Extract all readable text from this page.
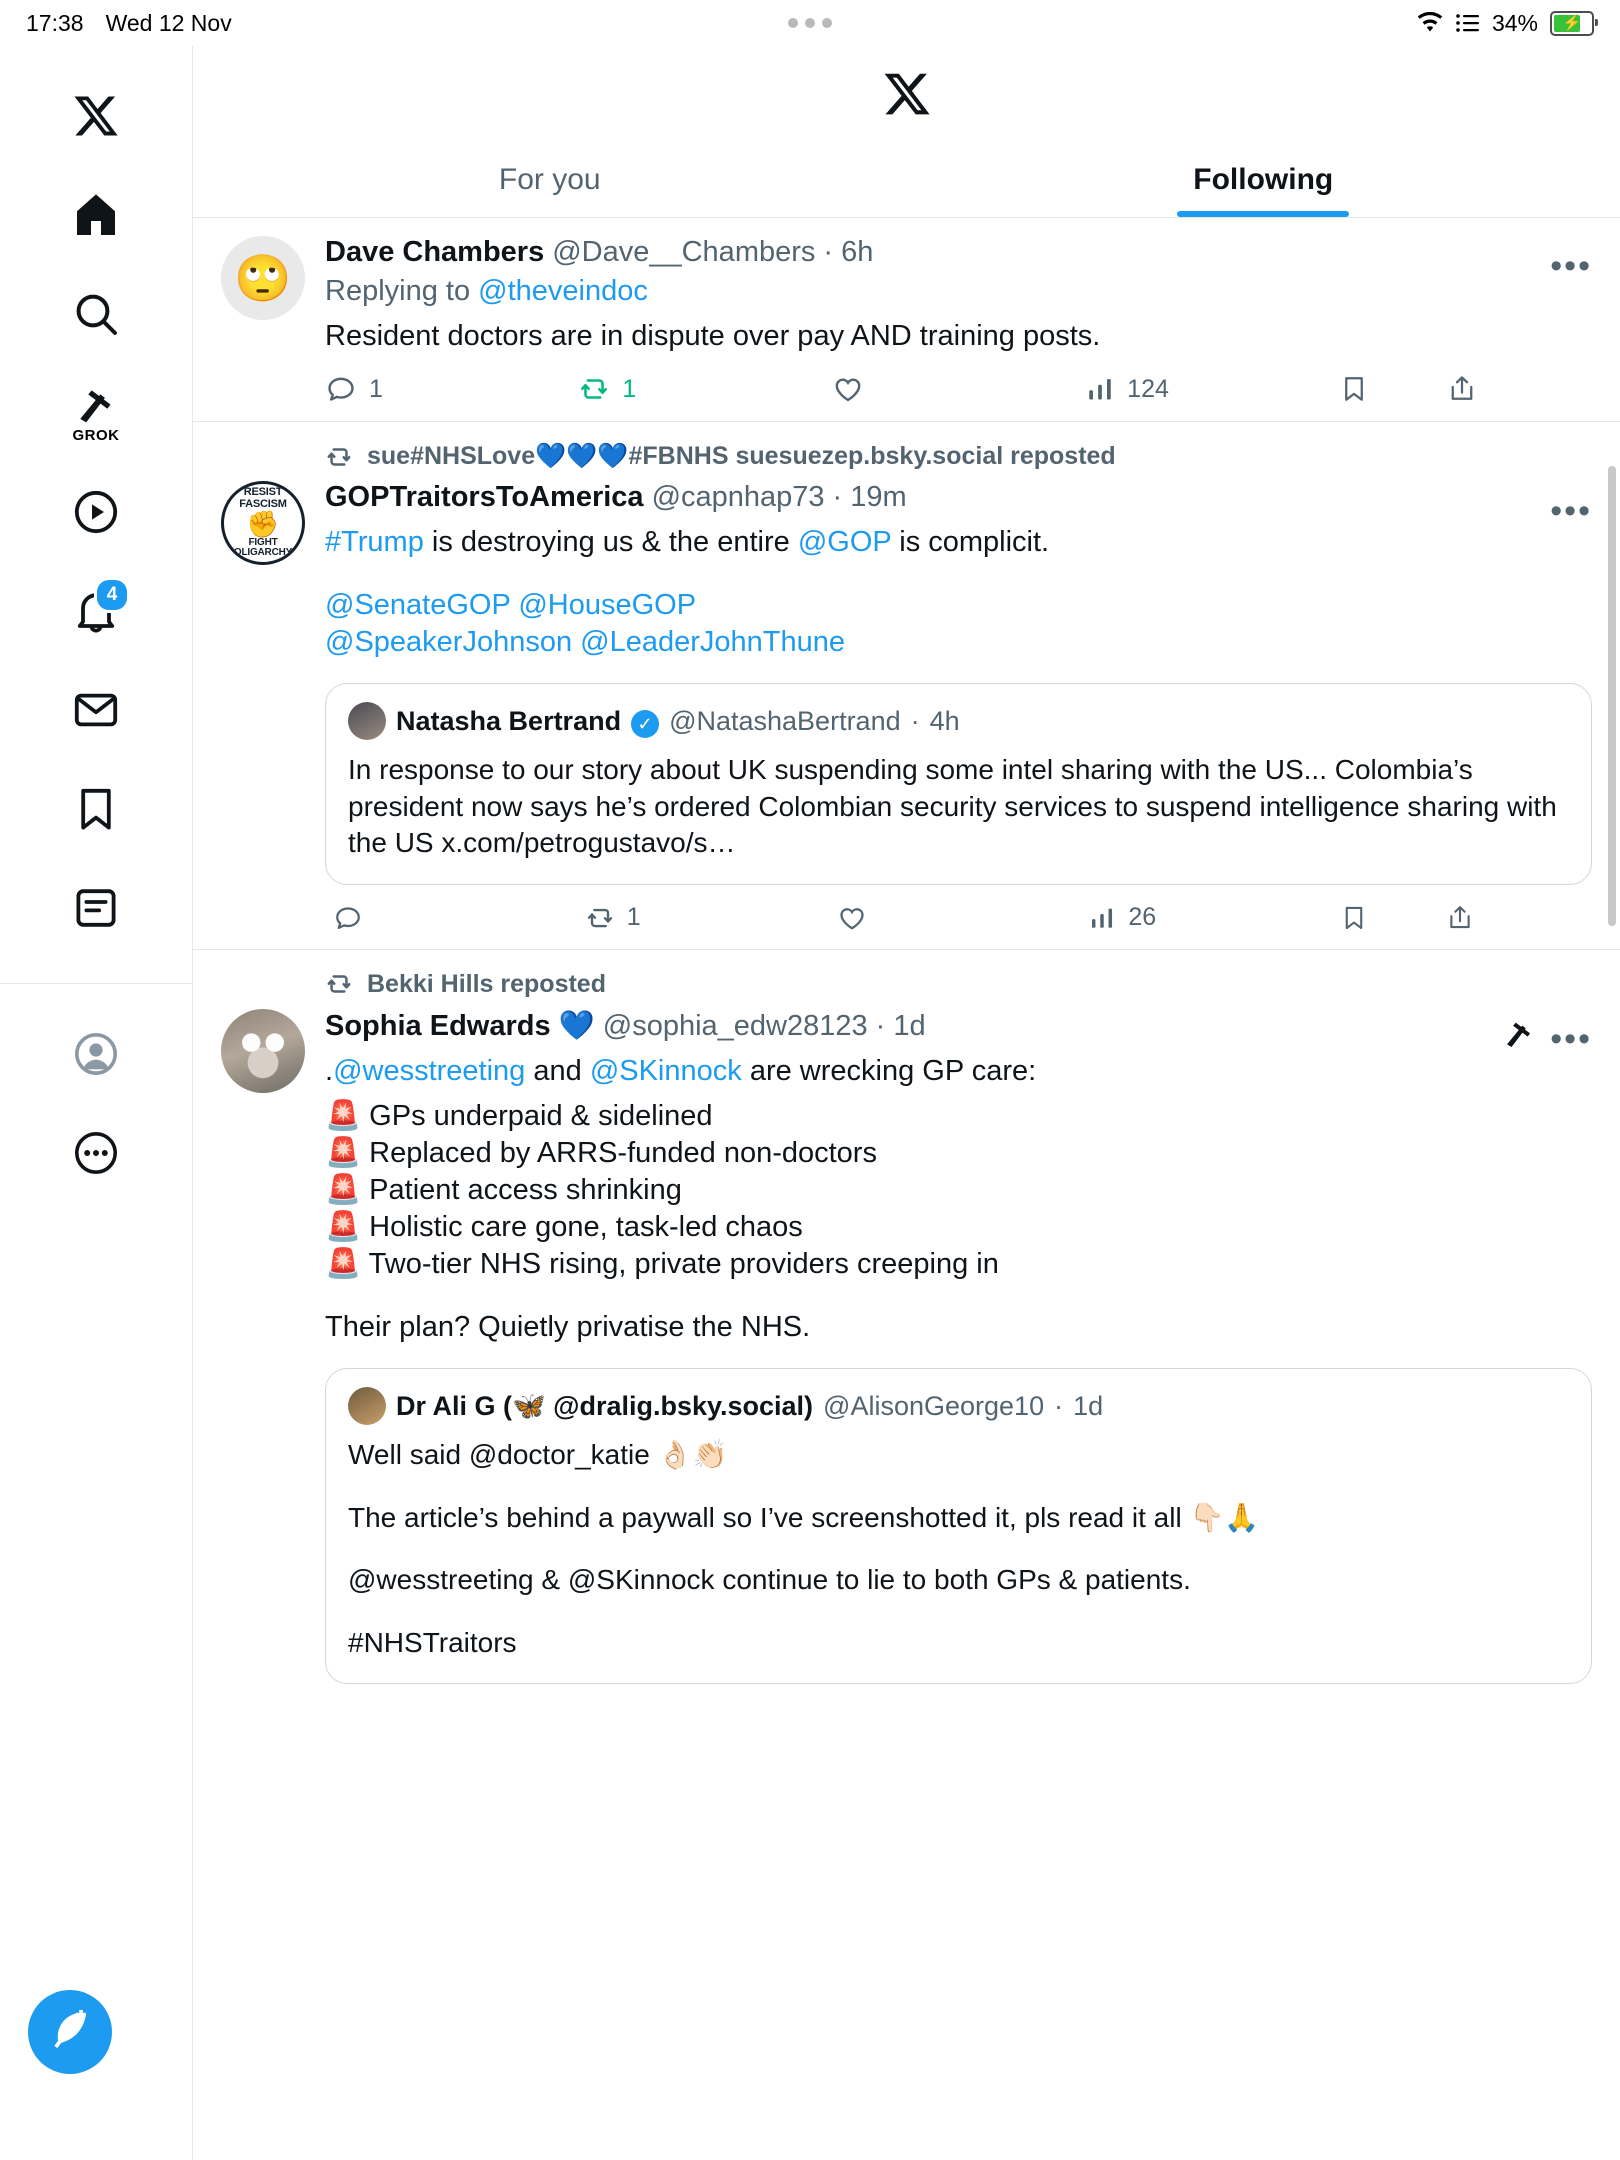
17:38 Wed 12 Nov	34% ⚡
GROK
4
For you	Following
🙄	Dave Chambers @Dave__Chambers · 6h	•••
Replying to @theveindoc
Resident doctors are in dispute over pay AND training posts.
1	1	124
sue#NHSLove💙💙💙#FBNHS suesuezep.bsky.social reposted
RESIST FASCISM
✊
FIGHT OLIGARCHY
GOPTraitorsToAmerica @capnhap73 · 19m	•••

#Trump is destroying us & the entire @GOP is complicit.

@SenateGOP @HouseGOP
@SpeakerJohnson @LeaderJohnThune

Natasha Bertrand ✓ @NatashaBertrand · 4h
In response to our story about UK suspending some intel sharing with the US... Colombia’s president now says he’s ordered Colombian security services to suspend intelligence sharing with the US x.com/petrogustavo/s…
1	26
Bekki Hills reposted
Sophia Edwards 💙 @sophia_edw28123 · 1d	•••

.@wesstreeting and @SKinnock are wrecking GP care:

🚨 GPs underpaid & sidelined
🚨 Replaced by ARRS-funded non-doctors
🚨 Patient access shrinking
🚨 Holistic care gone, task-led chaos
🚨 Two-tier NHS rising, private providers creeping in

Their plan? Quietly privatise the NHS.

Dr Ali G (🦋 @dralig.bsky.social) @AlisonGeorge10 · 1d

Well said @doctor_katie 👌🏻👏🏻

The article’s behind a paywall so I’ve screenshotted it, pls read it all 👇🏻🙏

@wesstreeting & @SKinnock continue to lie to both GPs & patients.

#NHSTraitors
